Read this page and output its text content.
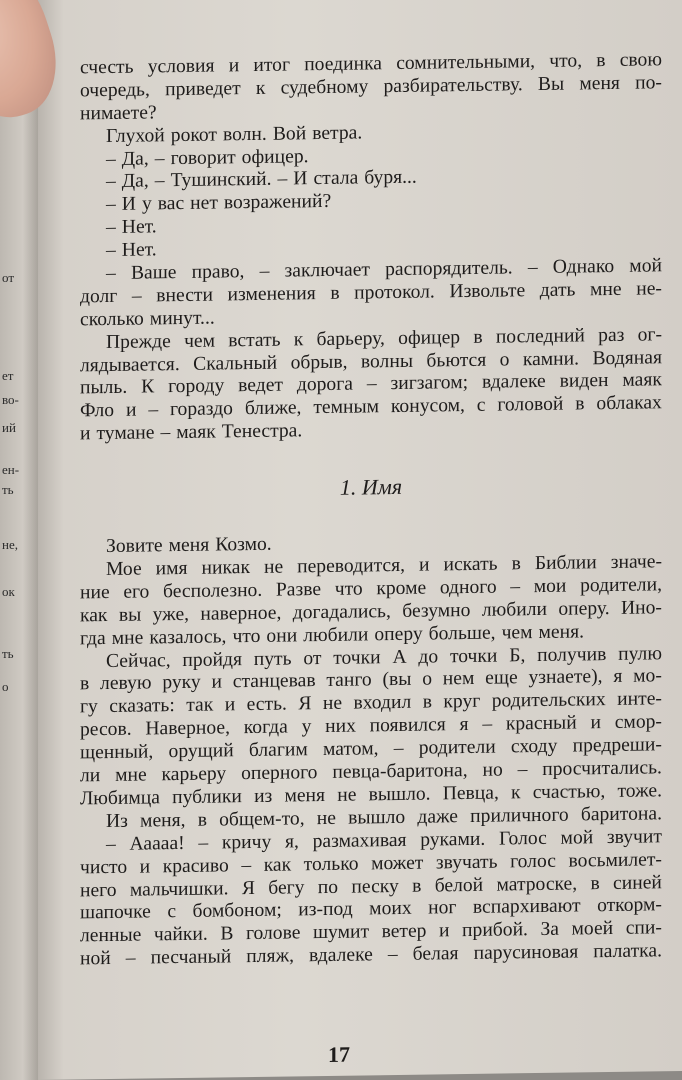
от
ет
во-
ий
ен-
ть
не,
ок
ть
о
счесть условия и итог поединка сомнительными, что, в свою
очередь, приведет к судебному разбирательству. Вы меня по-
нимаете?
Глухой рокот волн. Вой ветра.
– Да, – говорит офицер.
– Да, – Тушинский. – И стала буря...
– И у вас нет возражений?
– Нет.
– Нет.
– Ваше право, – заключает распорядитель. – Однако мой
долг – внести изменения в протокол. Извольте дать мне не-
сколько минут...
Прежде чем встать к барьеру, офицер в последний раз ог-
лядывается. Скальный обрыв, волны бьются о камни. Водяная
пыль. К городу ведет дорога – зигзагом; вдалеке виден маяк
Фло и – гораздо ближе, темным конусом, с головой в облаках
и тумане – маяк Тенестра.
1. Имя
Зовите меня Козмо.
Мое имя никак не переводится, и искать в Библии значе-
ние его бесполезно. Разве что кроме одного – мои родители,
как вы уже, наверное, догадались, безумно любили оперу. Ино-
гда мне казалось, что они любили оперу больше, чем меня.
Сейчас, пройдя путь от точки А до точки Б, получив пулю
в левую руку и станцевав танго (вы о нем еще узнаете), я мо-
гу сказать: так и есть. Я не входил в круг родительских инте-
ресов. Наверное, когда у них появился я – красный и смор-
щенный, орущий благим матом, – родители сходу предреши-
ли мне карьеру оперного певца-баритона, но – просчитались.
Любимца публики из меня не вышло. Певца, к счастью, тоже.
Из меня, в общем-то, не вышло даже приличного баритона.
– Ааааа! – кричу я, размахивая руками. Голос мой звучит
чисто и красиво – как только может звучать голос восьмилет-
него мальчишки. Я бегу по песку в белой матроске, в синей
шапочке с бомбоном; из-под моих ног вспархивают откорм-
ленные чайки. В голове шумит ветер и прибой. За моей спи-
ной – песчаный пляж, вдалеке – белая парусиновая палатка.
17
